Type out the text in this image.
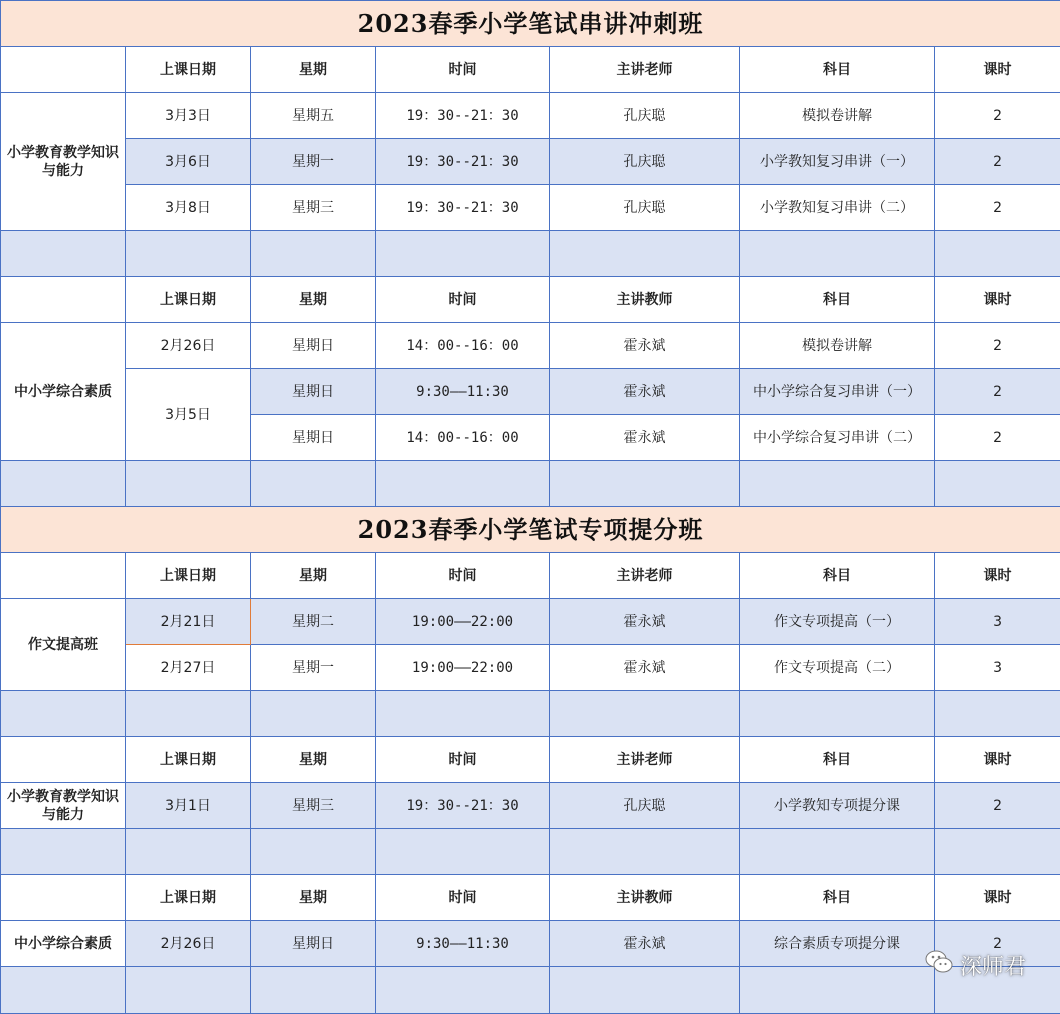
2023春季小学笔试串讲冲刺班						
	上课日期	星期	时间	主讲老师	科目	课时
小学教育教学知识与能力	3月3日	星期五	19：30--21：30	孔庆聪	模拟卷讲解	2
	3月6日	星期一	19：30--21：30	孔庆聪	小学教知复习串讲（一）	2
	3月8日	星期三	19：30--21：30	孔庆聪	小学教知复习串讲（二）	2

	上课日期	星期	时间	主讲教师	科目	课时
中小学综合素质	2月26日	星期日	14：00--16：00	霍永斌	模拟卷讲解	2
	3月5日	星期日	9:30——11:30	霍永斌	中小学综合复习串讲（一）	2
		星期日	14：00--16：00	霍永斌	中小学综合复习串讲（二）	2

2023春季小学笔试专项提分班						
	上课日期	星期	时间	主讲老师	科目	课时
作文提高班	2月21日	星期二	19:00——22:00	霍永斌	作文专项提高（一）	3
	2月27日	星期一	19:00——22:00	霍永斌	作文专项提高（二）	3

	上课日期	星期	时间	主讲老师	科目	课时
小学教育教学知识与能力	3月1日	星期三	19：30--21：30	孔庆聪	小学教知专项提分课	2

	上课日期	星期	时间	主讲教师	科目	课时
中小学综合素质	2月26日	星期日	9:30——11:30	霍永斌	综合素质专项提分课	2

深师君
